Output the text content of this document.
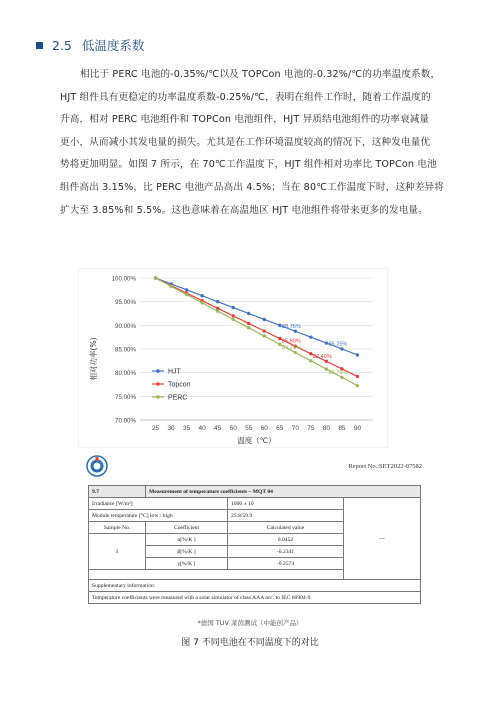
2.5 低温度系数
相比于 PERC 电池的-0.35%/℃以及 TOPCon 电池的-0.32%/℃的功率温度系数，
HJT 组件具有更稳定的功率温度系数-0.25%/℃，表明在组件工作时，随着工作温度的
升高，相对 PERC 电池组件和 TOPCon 电池组件，HJT 异质结电池组件的功率衰减量
更小，从而减小其发电量的损失。尤其是在工作环境温度较高的情况下，这种发电量优
势将更加明显。如图 7 所示，在 70℃工作温度下，HJT 组件相对功率比 TOPCon 电池
组件高出 3.15%，比 PERC 电池产品高出 4.5%；当在 80℃工作温度下时，这种差异将
扩大至 3.85%和 5.5%。这也意味着在高温地区 HJT 电池组件将带来更多的发电量。
70.00%
75.00%
80.00%
85.00%
90.00%
95.00%
100.00%
25 30 35 40 45 50 55 60 65 70 75 80 85 90
温度（℃）
相对功率(%)
88.75%
86.25%
85.60%
82.40%
84.25%
80.75%
HJT
Topcon
PERC
Report No.:SET2022-07582
9.7	Measurement of temperature coefficients – MQT 04		
Irradiance [W/m²]		1000 ± 10	---
Module temperature [°C] low / high		25.8/59.9	
Sample No.	Coefficient	Calculated value	
1	α[%/K ]	0.0452	
	β[%/K ]	-0.2341	
	γ[%/K ]	-0.2574	

Supplementary information:			
Temperature coefficients were measured with a solar simulator of class AAA acc. to IEC 60904-9.			
*德国 TUV 莱茵测试（中能创产品）
图 7 不同电池在不同温度下的对比
